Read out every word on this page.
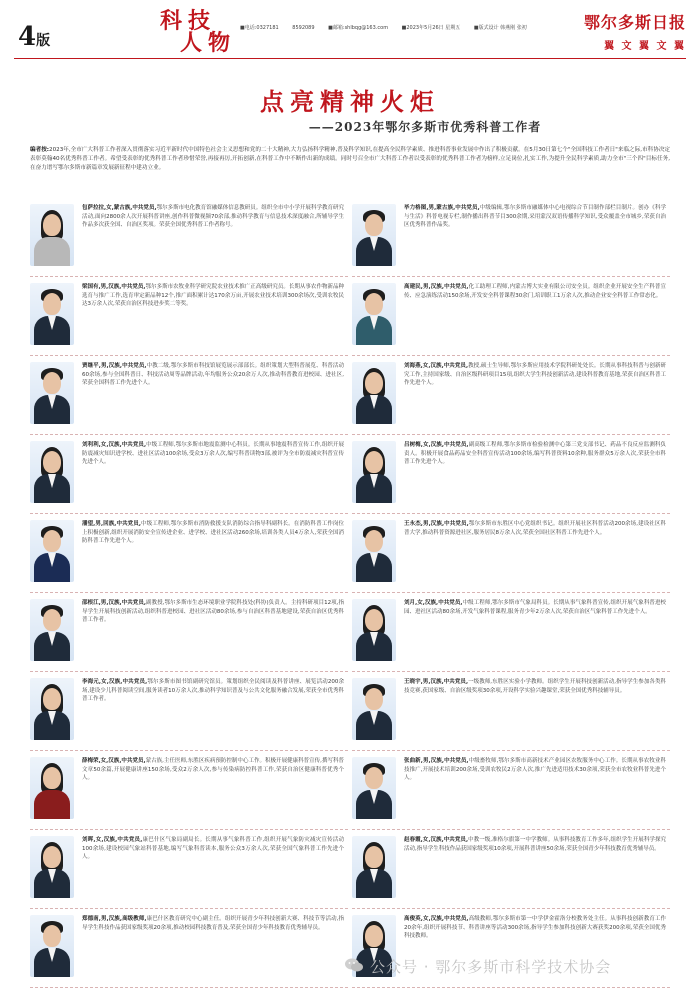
4版
科技
人物
■电话:0327181	8592089	■邮箱:shlbqg@163.com	■2023年5月26日 星期五	■版式设计 韩燕刚 张初	鄂尔多斯日报
翼 文 翼 文 翼
点亮精神火炬
——2023年鄂尔多斯市优秀科普工作者
编者按:2023年,全市广大科普工作者深入贯彻落实习近平新时代中国特色社会主义思想和党的二十大精神,大力弘扬科学精神,普及科学知识,在提高全民科学素质、推进科普事业发展中作出了积极贡献。在5月30日第七个"全国科技工作者日"来临之际,市科协决定表彰莫翰40名优秀科普工作者。希望受表彰的优秀科普工作者珍惜荣誉,再接再厉,开拓创新,在科普工作中不断作出新的成绩。同时号召全市广大科普工作者以受表彰的优秀科普工作者为榜样,立足岗位,扎实工作,为提升全民科学素质,助力全市"三个四"目标任务,在奋力谱写鄂尔多斯市新篇章发展新征程中建功立业。
包萨拉拉,女,蒙古族,中共党员,鄂尔多斯市电化教育馆融媒体信息教研员。组织全市中小学开展科学教育研究活动,面向2800余人次开展科普讲座,创作科普微视频70余部,推动科学教育与信息技术深度融合,所辅导学生作品多次获全国、自治区奖项。荣获全国优秀科普工作者称号。
梁国有,男,汉族,中共党员,鄂尔多斯市农牧业科学研究院农业技术推广正高级研究员。长期从事农作物新品种选育与推广工作,选育审定新品种12个,推广面积累计达170余万亩,开展农业技术培训300余场次,受训农牧民达3万余人次,荣获自治区科技进步奖二等奖。
贾继平,男,汉族,中共党员,中教二级,鄂尔多斯市科技馆展览展示部部长。组织策划大型科普展览、科普活动60余场,参与全国科普日、科技活动周等品牌活动,年均服务公众20余万人次,推动科普教育进校园、进社区,荣获全国科普工作先进个人。
刘利利,女,汉族,中共党员,中级工程师,鄂尔多斯市地震监测中心科员。长期从事地震科普宣传工作,组织开展防震减灾知识进学校、进社区活动100余场,受众3万余人次,编写科普读物3部,被评为全市防震减灾科普宣传先进个人。
潘望,男,回族,中共党员,中级工程师,鄂尔多斯市消防救援支队消防综合指导科副科长。在消防科普工作岗位上积极创新,组织开展消防安全宣传进企业、进学校、进社区活动260余场,培训各类人员4万余人,荣获全国消防科普工作先进个人。
邵根江,男,汉族,中共党员,副教授,鄂尔多斯市生态环境职业学院科技处(科协)负责人。主持科研项目12项,指导学生开展科技创新活动,组织科普进校园、进社区活动80余场,参与自治区科普基地建设,荣获自治区优秀科普工作者。
李海元,女,汉族,中共党员,鄂尔多斯市图书馆副研究馆员。策划组织全民阅读及科普讲座、展览活动200余场,建设少儿科普阅读空间,服务读者10万余人次,推动科学知识普及与公共文化服务融合发展,荣获全市优秀科普工作者。
薛梅荣,女,汉族,中共党员,蒙古族,主任医师,东胜区疾病预防控制中心工作。积极开展健康科普宣传,撰写科普文章50余篇,开展健康讲座150余场,受众2万余人次,参与传染病防控科普工作,荣获自治区健康科普优秀个人。
刘晖,女,汉族,中共党员,康巴什区气象局副局长。长期从事气象科普工作,组织开展气象防灾减灾宣传活动100余场,建设校园气象站科普基地,编写气象科普读本,服务公众3万余人次,荣获全国气象科普工作先进个人。
郑德南,男,汉族,高级教师,康巴什区教育研究中心副主任。组织开展青少年科技创新大赛、科技节等活动,指导学生科技作品获国家级奖项20余项,推动校园科技教育普及,荣获全国青少年科技教育优秀辅导员。
毕力格图,男,蒙古族,中共党员,中级编辑,鄂尔多斯市融媒体中心电视综合节目制作部栏目制片。创办《科学与生活》科普电视专栏,制作播出科普节目300余期,采用蒙汉双语传播科学知识,受众覆盖全市城乡,荣获自治区优秀科普作品奖。
高建民,男,汉族,中共党员,化工助理工程师,内蒙古博大实业有限公司安全员。组织企业开展安全生产科普宣传、应急演练活动150余场,开发安全科普课程30余门,培训职工1万余人次,推动企业安全科普工作常态化。
刘海燕,女,汉族,中共党员,教授,硕士生导师,鄂尔多斯应用技术学院科研处处长。长期从事科技科普与创新研究工作,主持国家级、自治区级科研项目15项,组织大学生科技创新活动,建设科普教育基地,荣获自治区科普工作先进个人。
吕树梅,女,汉族,中共党员,副高级工程师,鄂尔多斯市检验检测中心第三党支部书记、药品不良反应监测科负责人。积极开展食品药品安全科普宣传活动100余场,编写科普资料10余种,服务群众5万余人次,荣获全市科普工作先进个人。
王永杰,男,汉族,中共党员,鄂尔多斯市东胜区中心党组织书记。组织开展社区科普活动200余场,建设社区科普大学,推动科普资源进社区,服务居民8万余人次,荣获全国社区科普工作先进个人。
刘月,女,汉族,中共党员,中级工程师,鄂尔多斯市气象局科员。长期从事气象科普宣传,组织开展气象科普进校园、进社区活动80余场,开发气象科普课程,服务青少年2万余人次,荣获自治区气象科普工作先进个人。
王晓宇,男,汉族,中共党员,一级教师,东胜区实验小学教师。组织学生开展科技创新活动,指导学生参加各类科技竞赛,获国家级、自治区级奖项30余项,开设科学实验兴趣课堂,荣获全国优秀科技辅导员。
张曲新,男,汉族,中共党员,中级畜牧师,鄂尔多斯市高新技术产业园区农牧服务中心工作。长期从事农牧业科技推广,开展技术培训200余场,受训农牧民2万余人次,推广先进适用技术30余项,荣获全市农牧业科普先进个人。
赵春霞,女,汉族,中共党员,中教一级,准格尔旗第一中学教师。从事科技教育工作多年,组织学生开展科学探究活动,指导学生科技作品获国家级奖项10余项,开展科普讲座50余场,荣获全国青少年科技教育优秀辅导员。
高俊英,女,汉族,中共党员,高级教师,鄂尔多斯市第一中学伊金霍洛分校教务处主任。从事科技创新教育工作20余年,组织开展科技节、科普讲座等活动300余场,指导学生参加科技创新大赛获奖200余项,荣获全国优秀科技教师。
公众号 · 鄂尔多斯市科学技术协会
